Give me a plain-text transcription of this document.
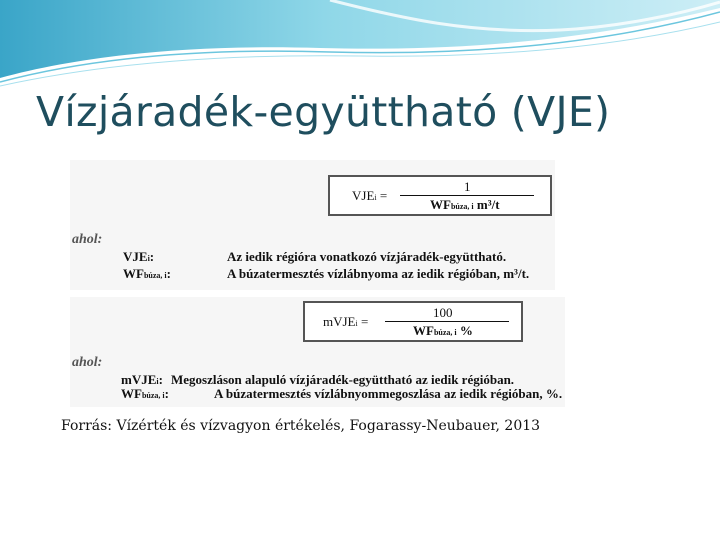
Vízjáradék-együttható (VJE)
VJEi =
1
WFbúza, i m³/t
ahol:
VJEi:	Az iedik régióra vonatkozó vízjáradék-együttható.
WFbúza, i:	A búzatermesztés vízlábnyoma az iedik régióban, m³/t.
mVJEi =
100
WFbúza, i %
ahol:
mVJEi: Megoszláson alapuló vízjáradék-együttható az iedik régióban.
WFbúza, i:	A búzatermesztés vízlábnyommegoszlása az iedik régióban, %.
Forrás: Vízérték és vízvagyon értékelés, Fogarassy-Neubauer, 2013
